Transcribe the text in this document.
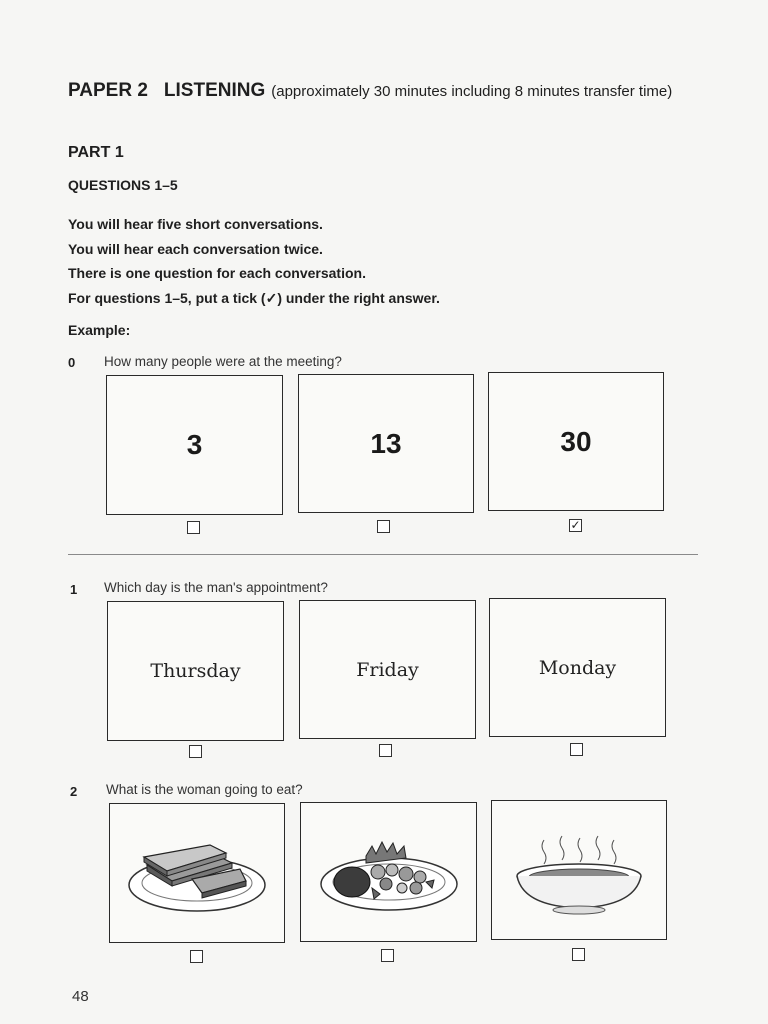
PAPER 2 LISTENING (approximately 30 minutes including 8 minutes transfer time)
PART 1
QUESTIONS 1–5
You will hear five short conversations.
You will hear each conversation twice.
There is one question for each conversation.
For questions 1–5, put a tick (✓) under the right answer.
Example:
0 How many people were at the meeting?
3	13	30
✓
1 Which day is the man's appointment?
Thursday	Friday	Monday
2 What is the woman going to eat?
48
